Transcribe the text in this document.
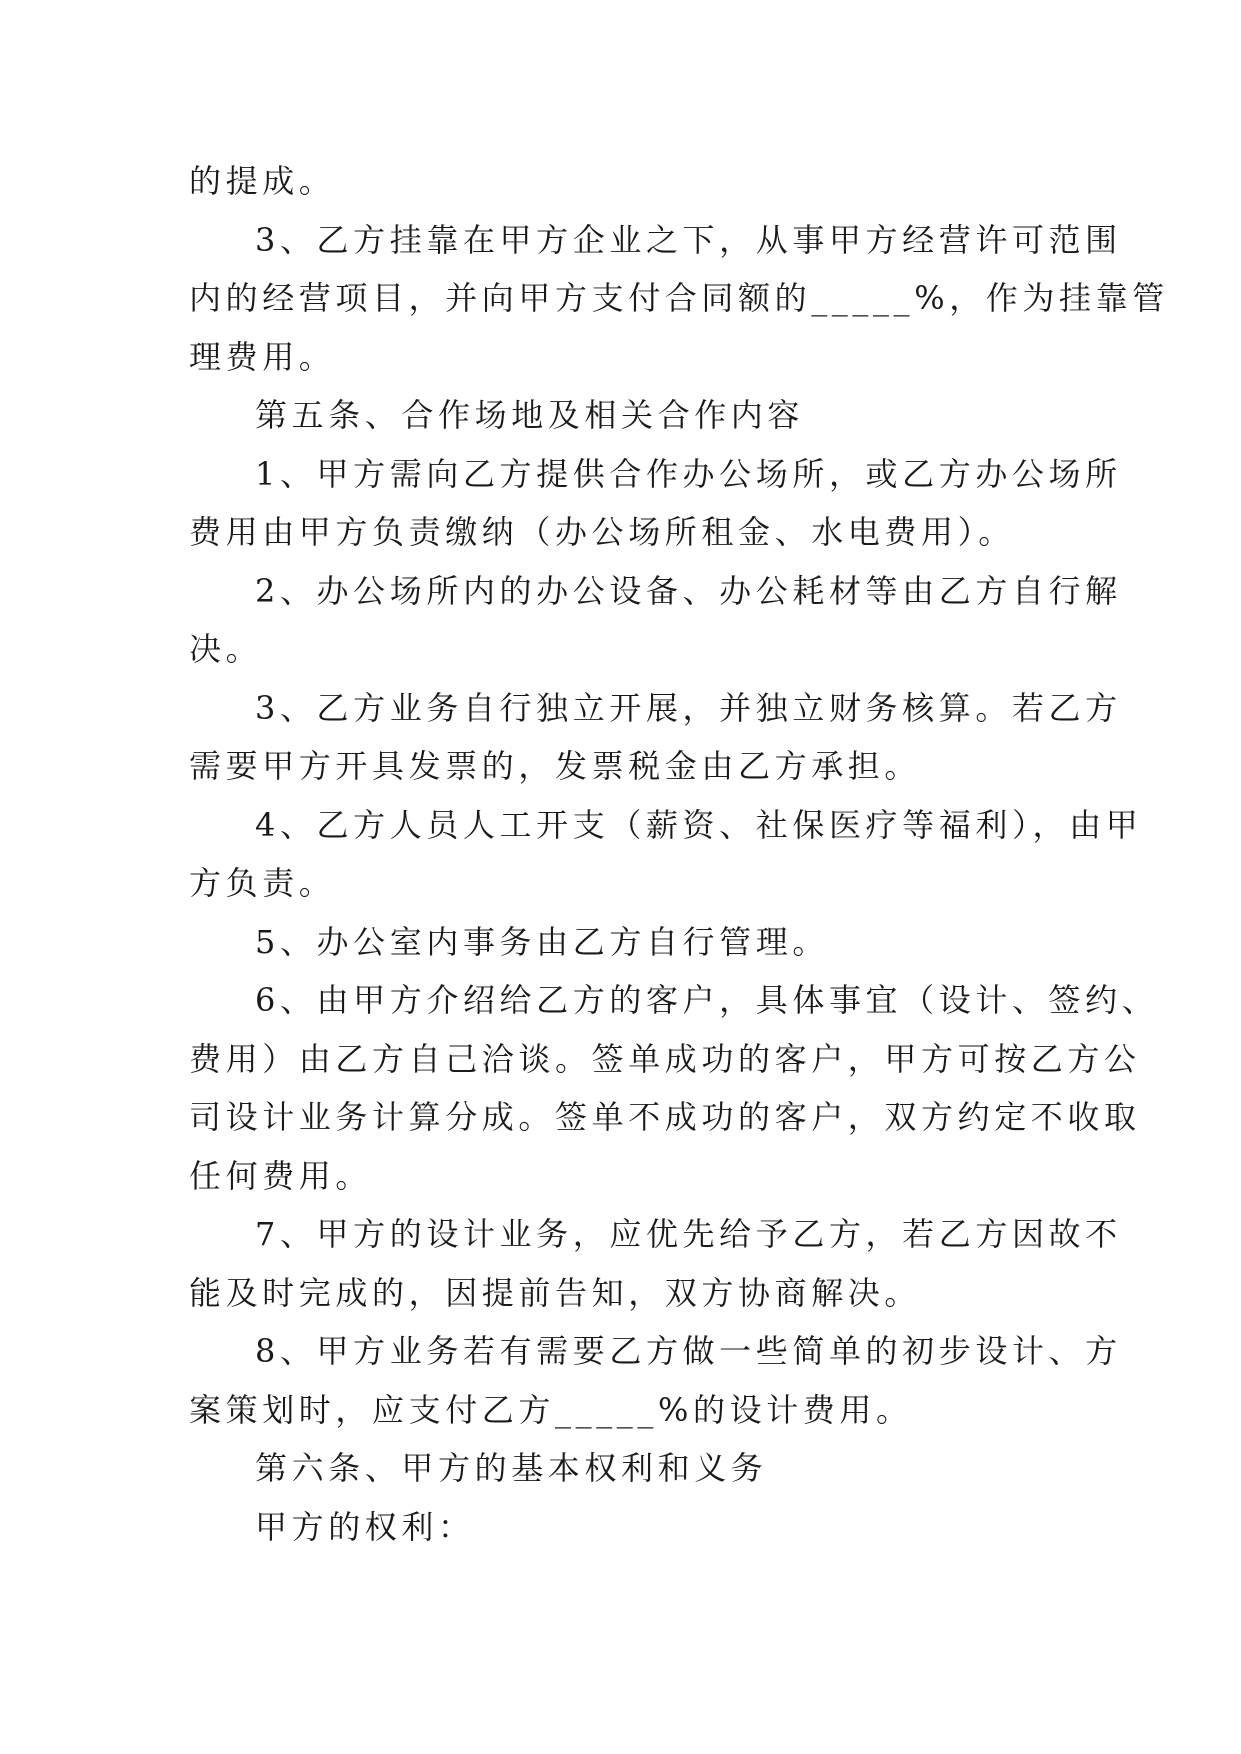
的提成。
3、乙方挂靠在甲方企业之下，从事甲方经营许可范围
内的经营项目，并向甲方支付合同额的_____%，作为挂靠管
理费用。
第五条、合作场地及相关合作内容
1、甲方需向乙方提供合作办公场所，或乙方办公场所
费用由甲方负责缴纳（办公场所租金、水电费用）。
2、办公场所内的办公设备、办公耗材等由乙方自行解
决。
3、乙方业务自行独立开展，并独立财务核算。若乙方
需要甲方开具发票的，发票税金由乙方承担。
4、乙方人员人工开支（薪资、社保医疗等福利），由甲
方负责。
5、办公室内事务由乙方自行管理。
6、由甲方介绍给乙方的客户，具体事宜（设计、签约、
费用）由乙方自己洽谈。签单成功的客户，甲方可按乙方公
司设计业务计算分成。签单不成功的客户，双方约定不收取
任何费用。
7、甲方的设计业务，应优先给予乙方，若乙方因故不
能及时完成的，因提前告知，双方协商解决。
8、甲方业务若有需要乙方做一些简单的初步设计、方
案策划时，应支付乙方_____%的设计费用。
第六条、甲方的基本权利和义务
甲方的权利：
